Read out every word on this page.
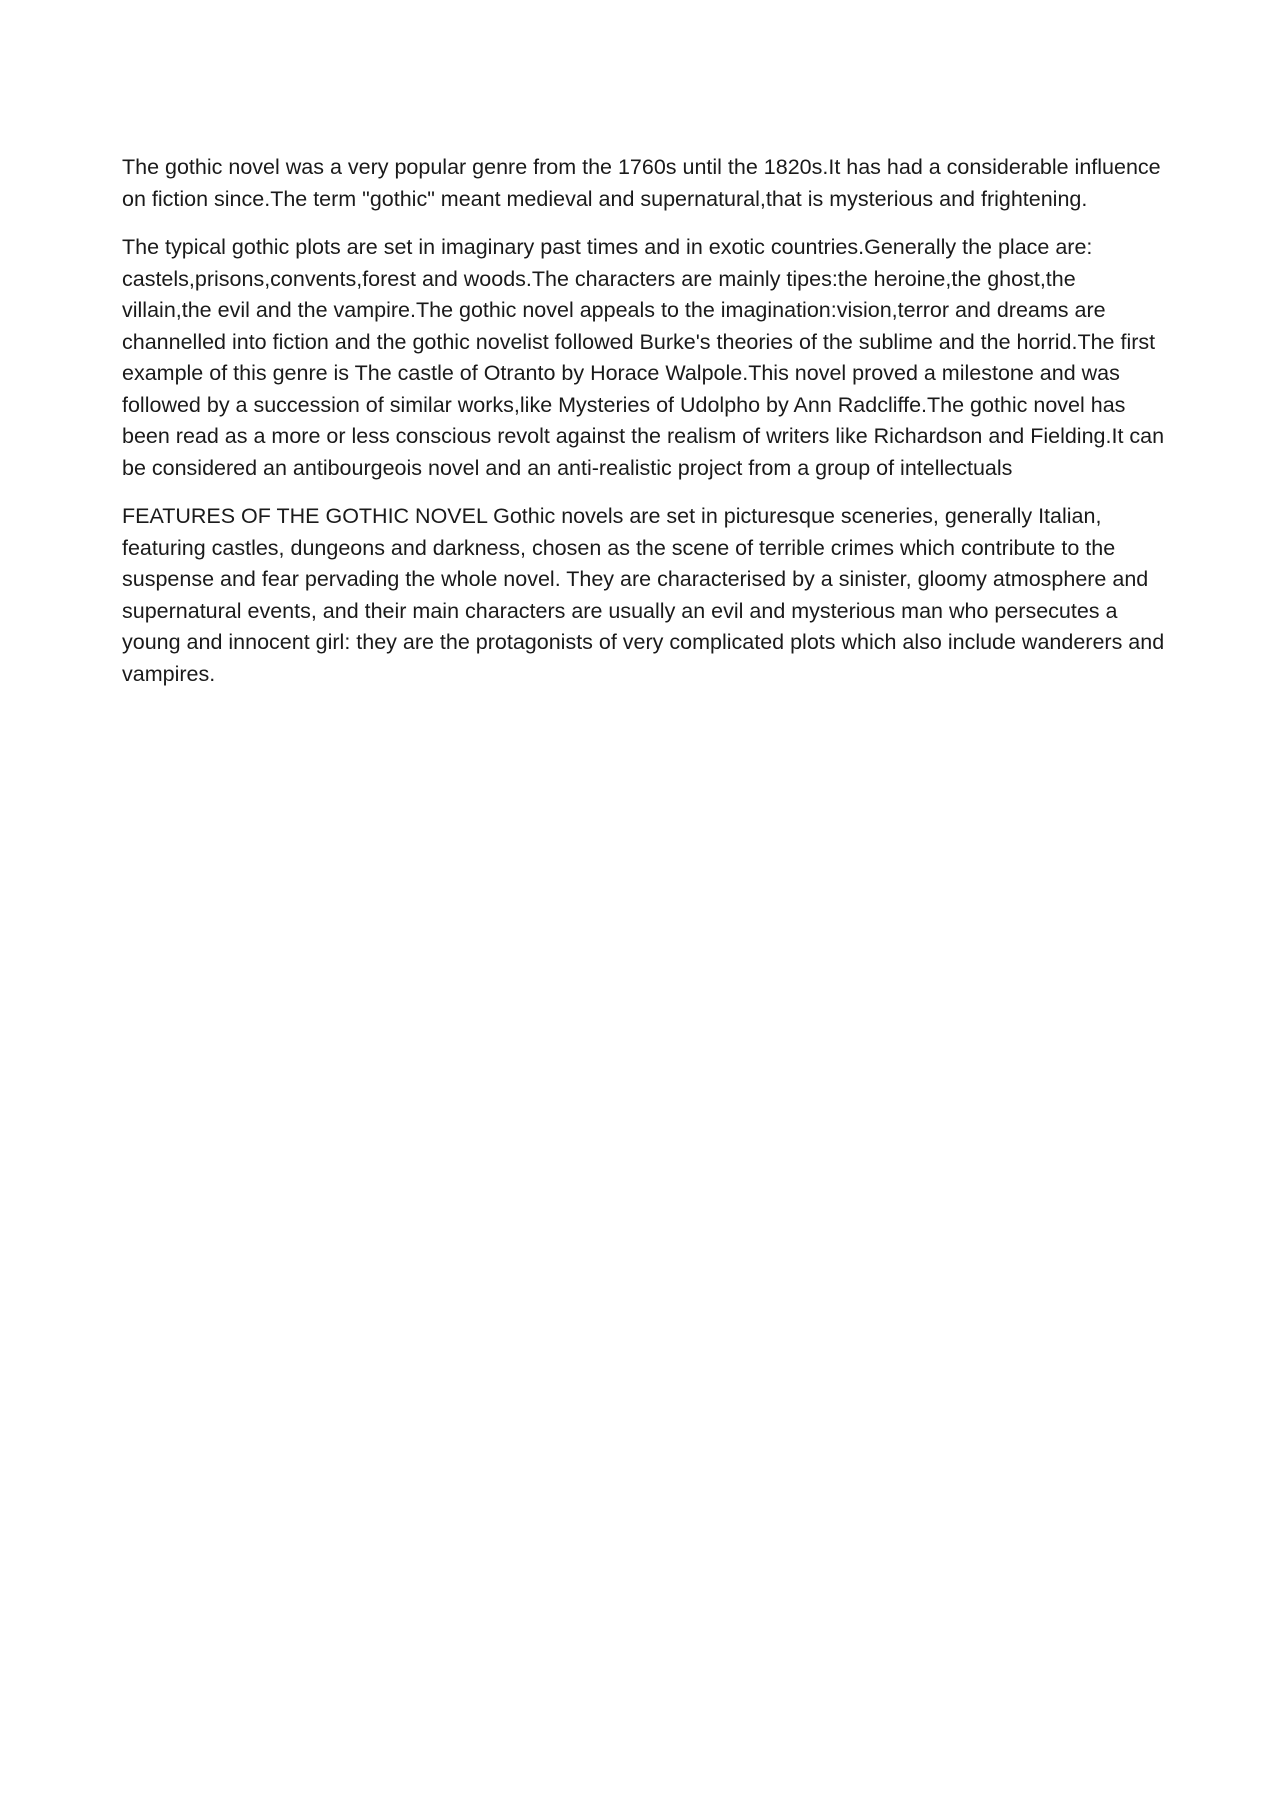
The gothic novel was a very popular genre from the 1760s until the 1820s.It has had a considerable influence on fiction since.The term "gothic" meant medieval and supernatural,that is mysterious and frightening.

The typical gothic plots are set in imaginary past times and in exotic countries.Generally the place are: castels,prisons,convents,forest and woods.The characters are mainly tipes:the heroine,the ghost,the villain,the evil and the vampire.The gothic novel appeals to the imagination:vision,terror and dreams are channelled into fiction and the gothic novelist followed Burke's theories of the sublime and the horrid.The first example of this genre is The castle of Otranto by Horace Walpole.This novel proved a milestone and was followed by a succession of similar works,like Mysteries of Udolpho by Ann Radcliffe.The gothic novel has been read as a more or less conscious revolt against the realism of writers like Richardson and Fielding.It can be considered an antibourgeois novel and an anti-realistic project from a group of intellectuals

FEATURES OF THE GOTHIC NOVEL Gothic novels are set in picturesque sceneries, generally Italian, featuring castles, dungeons and darkness, chosen as the scene of terrible crimes which contribute to the suspense and fear pervading the whole novel. They are characterised by a sinister, gloomy atmosphere and supernatural events, and their main characters are usually an evil and mysterious man who persecutes a young and innocent girl: they are the protagonists of very complicated plots which also include wanderers and vampires.
